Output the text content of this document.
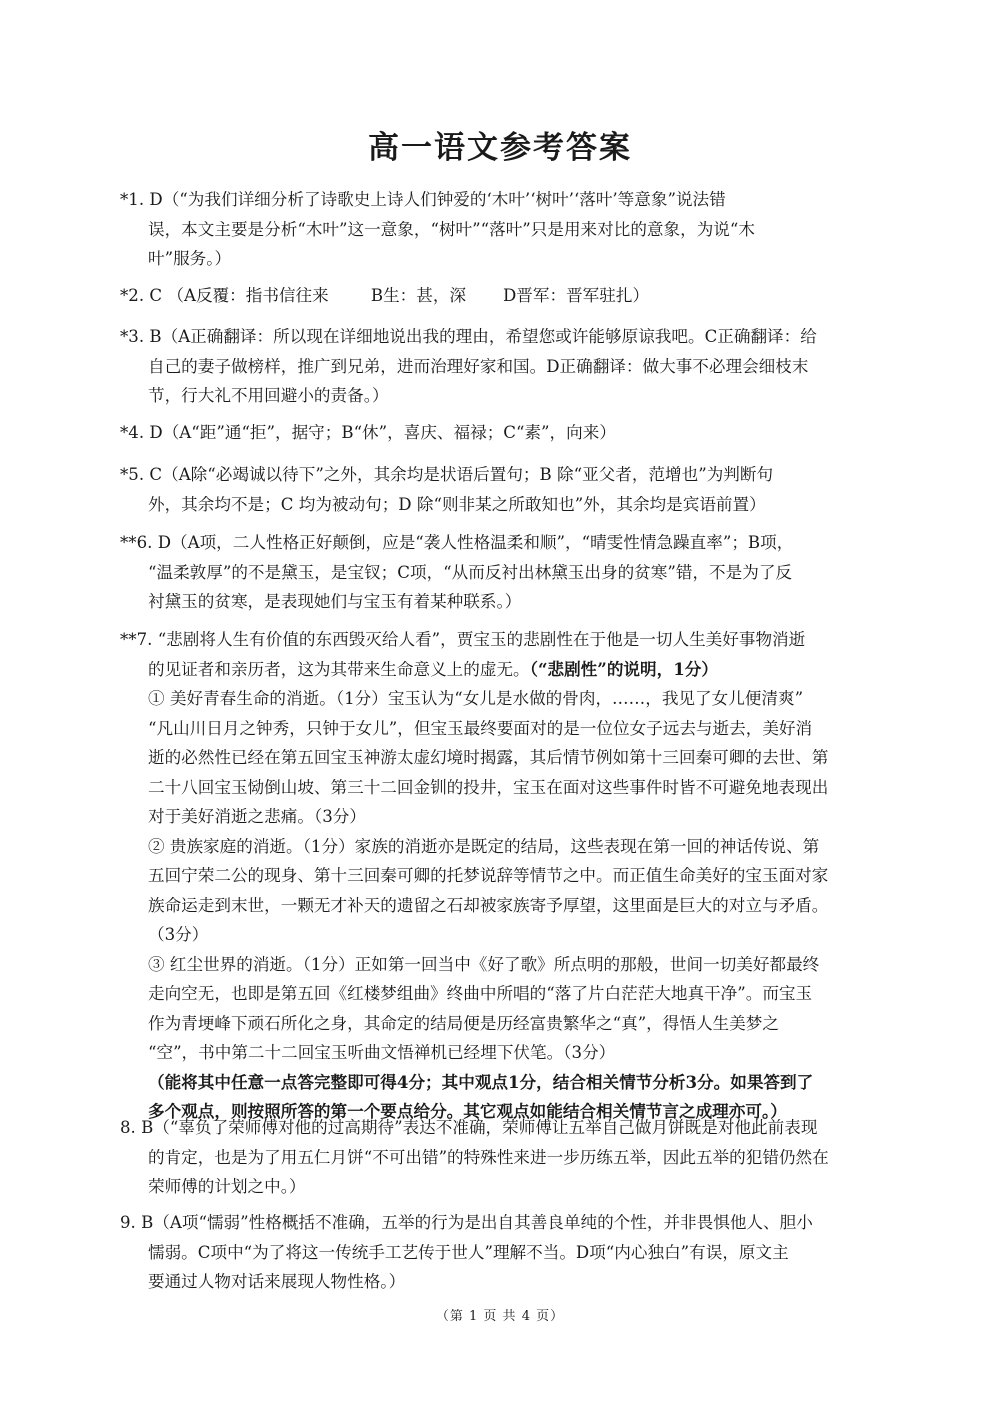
高一语文参考答案
*1. D（“为我们详细分析了诗歌史上诗人们钟爱的‘木叶’‘树叶’‘落叶’等意象”说法错
误，本文主要是分析“木叶”这一意象，“树叶”“落叶”只是用来对比的意象，为说“木
叶”服务。）
*2. C （A反覆：指书信往来        B生：甚，深       D晋军：晋军驻扎）
*3. B（A正确翻译：所以现在详细地说出我的理由，希望您或许能够原谅我吧。C正确翻译：给
自己的妻子做榜样，推广到兄弟，进而治理好家和国。D正确翻译：做大事不必理会细枝末
节，行大礼不用回避小的责备。）
*4. D（A“距”通“拒”，据守；B“休”，喜庆、福禄；C“素”，向来）
*5. C（A除“必竭诚以待下”之外，其余均是状语后置句；B 除“亚父者，范增也”为判断句
外，其余均不是；C 均为被动句；D 除“则非某之所敢知也”外，其余均是宾语前置）
**6. D（A项，二人性格正好颠倒，应是“袭人性格温柔和顺”，“晴雯性情急躁直率”；B项，
“温柔敦厚”的不是黛玉，是宝钗；C项，“从而反衬出林黛玉出身的贫寒”错，不是为了反
衬黛玉的贫寒，是表现她们与宝玉有着某种联系。）
**7. “悲剧将人生有价值的东西毁灭给人看”，贾宝玉的悲剧性在于他是一切人生美好事物消逝
的见证者和亲历者，这为其带来生命意义上的虚无。（“悲剧性”的说明，1分）
① 美好青春生命的消逝。（1分）宝玉认为“女儿是水做的骨肉，……，我见了女儿便清爽”
“凡山川日月之钟秀，只钟于女儿”，但宝玉最终要面对的是一位位女子远去与逝去，美好消
逝的必然性已经在第五回宝玉神游太虚幻境时揭露，其后情节例如第十三回秦可卿的去世、第
二十八回宝玉恸倒山坡、第三十二回金钏的投井，宝玉在面对这些事件时皆不可避免地表现出
对于美好消逝之悲痛。（3分）
② 贵族家庭的消逝。（1分）家族的消逝亦是既定的结局，这些表现在第一回的神话传说、第
五回宁荣二公的现身、第十三回秦可卿的托梦说辞等情节之中。而正值生命美好的宝玉面对家
族命运走到末世，一颗无才补天的遗留之石却被家族寄予厚望，这里面是巨大的对立与矛盾。
（3分）
③ 红尘世界的消逝。（1分）正如第一回当中《好了歌》所点明的那般，世间一切美好都最终
走向空无，也即是第五回《红楼梦组曲》终曲中所唱的“落了片白茫茫大地真干净”。而宝玉
作为青埂峰下顽石所化之身，其命定的结局便是历经富贵繁华之“真”，得悟人生美梦之
“空”，书中第二十二回宝玉听曲文悟禅机已经埋下伏笔。（3分）
（能将其中任意一点答完整即可得4分；其中观点1分，结合相关情节分析3分。如果答到了
多个观点，则按照所答的第一个要点给分。其它观点如能结合相关情节言之成理亦可。）
8. B（“辜负了荣师傅对他的过高期待”表达不准确，荣师傅让五举自己做月饼既是对他此前表现
的肯定，也是为了用五仁月饼“不可出错”的特殊性来进一步历练五举，因此五举的犯错仍然在
荣师傅的计划之中。）
9. B（A项“懦弱”性格概括不准确，五举的行为是出自其善良单纯的个性，并非畏惧他人、胆小
懦弱。C项中“为了将这一传统手工艺传于世人”理解不当。D项“内心独白”有误，原文主
要通过人物对话来展现人物性格。）
（第 1 页 共 4 页）
